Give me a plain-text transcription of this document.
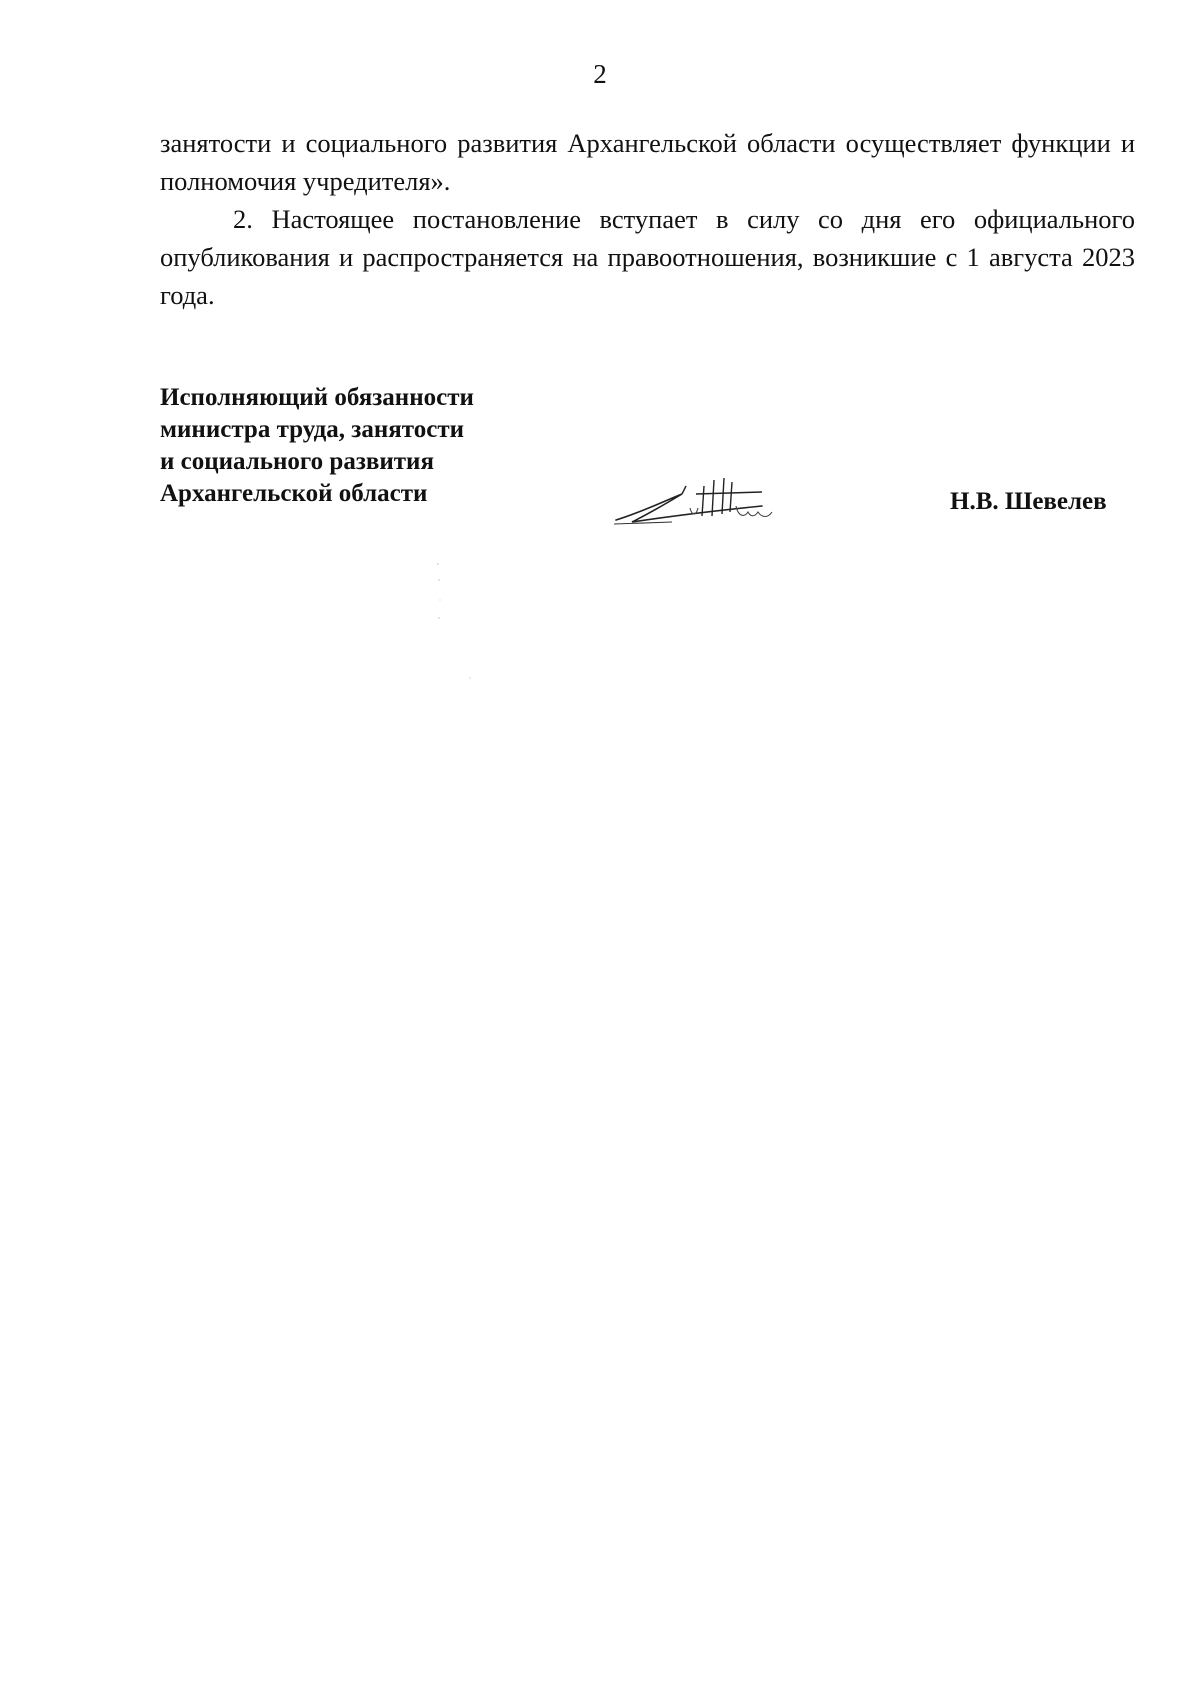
2

занятости и социального развития Архангельской области осуществляет функции и полномочия учредителя».

2. Настоящее постановление вступает в силу со дня его официального опубликования и распространяется на правоотношения, возникшие с 1 августа 2023 года.

Исполняющий обязанности
министра труда, занятости
и социального развития
Архангельской области	Н.В. Шевелев
